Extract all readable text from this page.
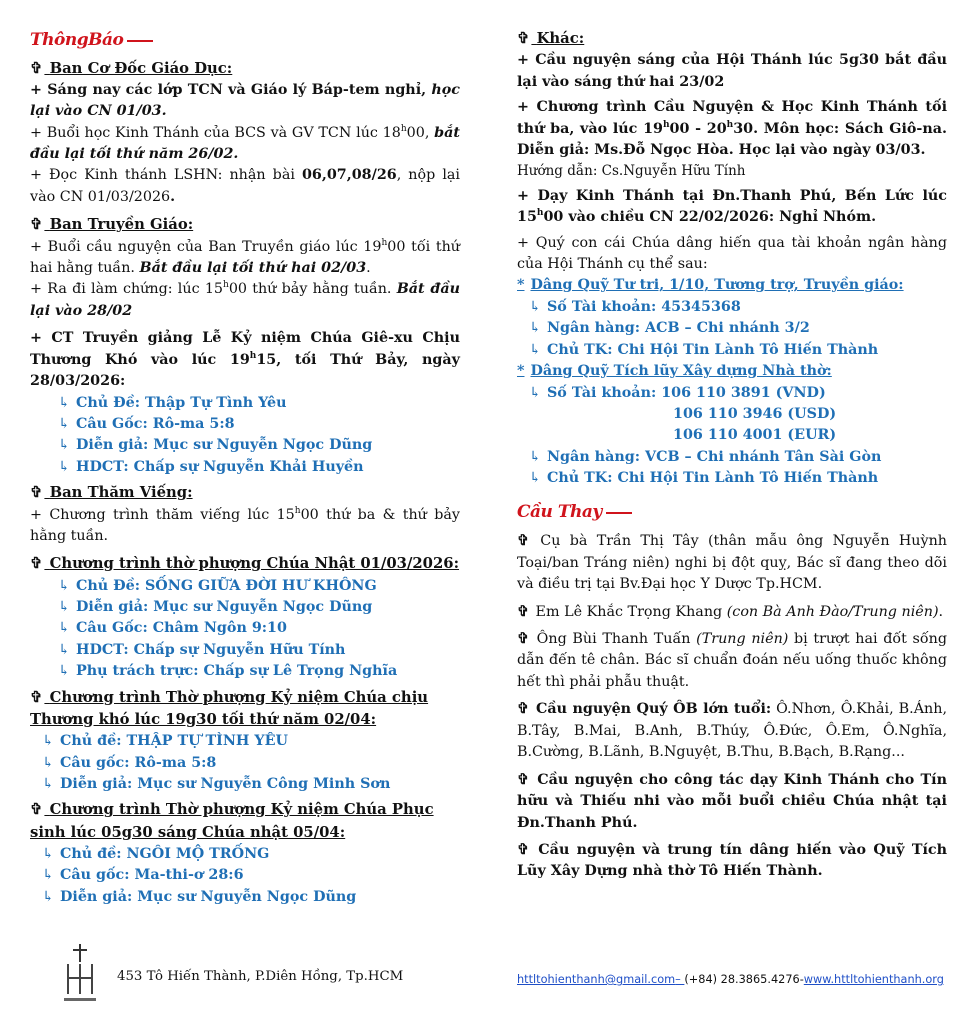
ThôngBáo
✞ Ban Cơ Đốc Giáo Dục:

+ Sáng nay các lớp TCN và Giáo lý Báp-tem nghỉ, học lại vào CN 01/03.

+ Buổi học Kinh Thánh của BCS và GV TCN lúc 18$^h$00, bắt đầu lại tối thứ năm 26/02.

+ Đọc Kinh thánh LSHN: nhận bài 06,07,08/26, nộp lại vào CN 01/03/2026.

✞ Ban Truyền Giáo:

+ Buổi cầu nguyện của Ban Truyền giáo lúc 19$^h$00 tối thứ hai hằng tuần. Bắt đầu lại tối thứ hai 02/03.

+ Ra đi làm chứng: lúc 15$^h$00 thứ bảy hằng tuần. Bắt đầu lại vào 28/02

+ CT Truyền giảng Lễ Kỷ niệm Chúa Giê-xu Chịu Thương Khó vào lúc 19$^h$15, tối Thứ Bảy, ngày 28/03/2026:

↳ Chủ Đề: Thập Tự Tình Yêu
↳ Câu Gốc: Rô-ma 5:8
↳ Diễn giả: Mục sư Nguyễn Ngọc Dũng
↳ HDCT: Chấp sự Nguyễn Khải Huyền
✞ Ban Thăm Viếng:

+ Chương trình thăm viếng lúc 15$^h$00 thứ ba & thứ bảy hằng tuần.

✞ Chương trình thờ phượng Chúa Nhật 01/03/2026:
↳ Chủ Đề: SỐNG GIỮA ĐỜI HƯ KHÔNG
↳ Diễn giả: Mục sư Nguyễn Ngọc Dũng
↳ Câu Gốc: Châm Ngôn 9:10
↳ HDCT: Chấp sự Nguyễn Hữu Tính
↳ Phụ trách trực: Chấp sự Lê Trọng Nghĩa
✞ Chương trình Thờ phượng Kỷ niệm Chúa chịu Thương khó lúc 19g30 tối thứ năm 02/04:
↳ Chủ đề: THẬP TỰ TÌNH YÊU
↳ Câu gốc: Rô-ma 5:8
↳ Diễn giả: Mục sư Nguyễn Công Minh Sơn
✞ Chương trình Thờ phượng Kỷ niệm Chúa Phục sinh lúc 05g30 sáng Chúa nhật 05/04:
↳ Chủ đề: NGÔI MỘ TRỐNG
↳ Câu gốc: Ma-thi-ơ 28:6
↳ Diễn giả: Mục sư Nguyễn Ngọc Dũng
453 Tô Hiến Thành, P.Diên Hồng, Tp.HCM
✞ Khác:

+ Cầu nguyện sáng của Hội Thánh lúc 5g30 bắt đầu lại vào sáng thứ hai 23/02

+ Chương trình Cầu Nguyện & Học Kinh Thánh tối thứ ba, vào lúc 19$^h$00 - 20$^h$30. Môn học: Sách Giô-na. Diễn giả: Ms.Đỗ Ngọc Hòa. Học lại vào ngày 03/03.

Hướng dẫn: Cs.Nguyễn Hữu Tính

+ Dạy Kinh Thánh tại Đn.Thanh Phú, Bến Lức lúc 15$^h$00 vào chiều CN 22/02/2026: Nghỉ Nhóm.

+ Quý con cái Chúa dâng hiến qua tài khoản ngân hàng của Hội Thánh cụ thể sau:

* Dâng Quỹ Tư tri, 1/10, Tương trợ, Truyền giáo:
↳ Số Tài khoản: 45345368
↳ Ngân hàng: ACB – Chi nhánh 3/2
↳ Chủ TK: Chi Hội Tin Lành Tô Hiến Thành
* Dâng Quỹ Tích lũy Xây dựng Nhà thờ:
↳ Số Tài khoản: 106 110 3891 (VND)
106 110 3946 (USD)
106 110 4001 (EUR)
↳ Ngân hàng: VCB – Chi nhánh Tân Sài Gòn
↳ Chủ TK: Chi Hội Tin Lành Tô Hiến Thành
Cầu Thay

✞ Cụ bà Trần Thị Tây (thân mẫu ông Nguyễn Huỳnh Toại/ban Tráng niên) nghi bị đột quỵ, Bác sĩ đang theo dõi và điều trị tại Bv.Đại học Y Dược Tp.HCM.

✞ Em Lê Khắc Trọng Khang (con Bà Anh Đào/Trung niên).

✞ Ông Bùi Thanh Tuấn (Trung niên) bị trượt hai đốt sống dẫn đến tê chân. Bác sĩ chuẩn đoán nếu uống thuốc không hết thì phải phẫu thuật.

✞ Cầu nguyện Quý ÔB lớn tuổi: Ô.Nhơn, Ô.Khải, B.Ánh, B.Tây, B.Mai, B.Anh, B.Thúy, Ô.Đức, Ô.Em, Ô.Nghĩa, B.Cường, B.Lãnh, B.Nguyệt, B.Thu, B.Bạch, B.Rạng...

✞ Cầu nguyện cho công tác dạy Kinh Thánh cho Tín hữu và Thiếu nhi vào mỗi buổi chiều Chúa nhật tại Đn.Thanh Phú.

✞ Cầu nguyện và trung tín dâng hiến vào Quỹ Tích Lũy Xây Dựng nhà thờ Tô Hiến Thành.

httltohienthanh@gmail.com– (+84) 28.3865.4276-www.httltohienthanh.org
